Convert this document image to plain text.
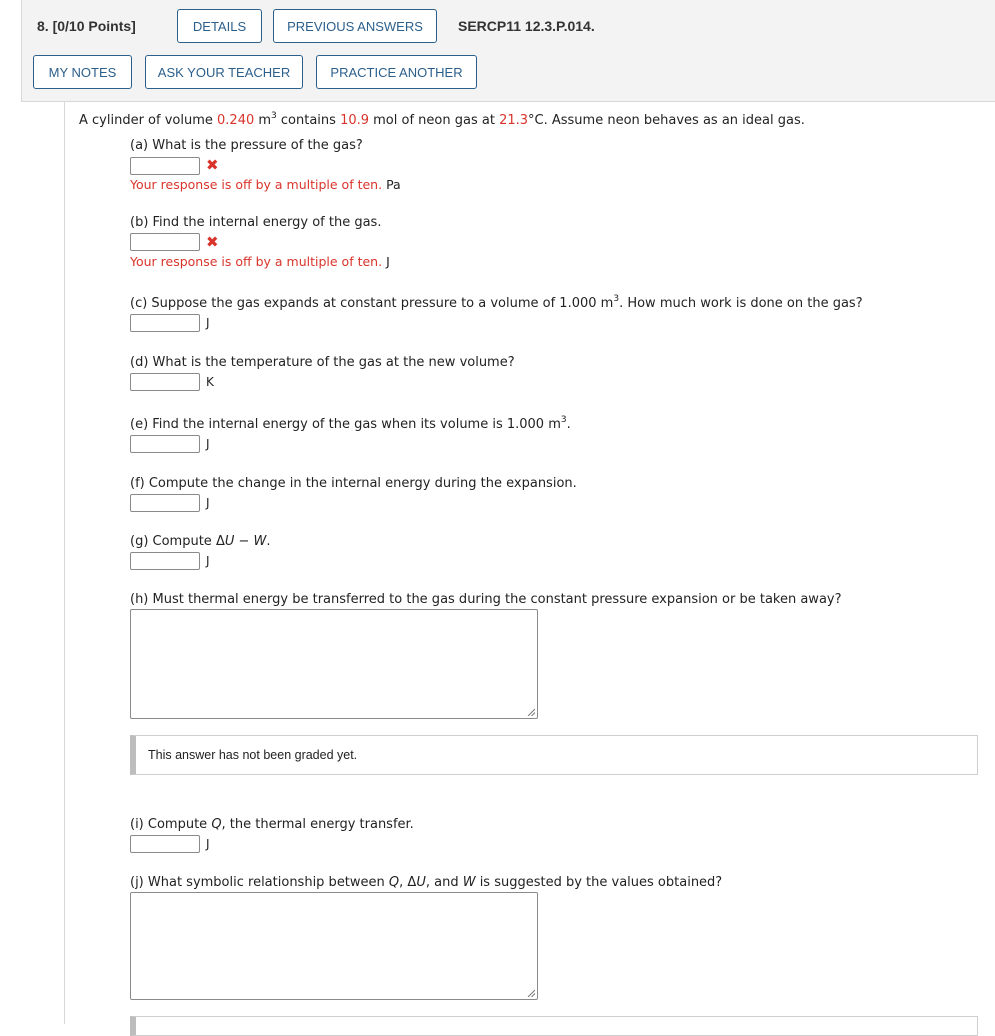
8. [0/10 Points]	DETAILS	PREVIOUS ANSWERS	SERCP11 12.3.P.014.
MY NOTES	ASK YOUR TEACHER	PRACTICE ANOTHER
A cylinder of volume 0.240 $m^3$ contains 10.9 mol of neon gas at 21.3°C. Assume neon behaves as an ideal gas.
(a) What is the pressure of the gas?
✖
Your response is off by a multiple of ten. Pa
(b) Find the internal energy of the gas.
✖
Your response is off by a multiple of ten. J
(c) Suppose the gas expands at constant pressure to a volume of 1.000 $m^3$. How much work is done on the gas?
J
(d) What is the temperature of the gas at the new volume?
K
(e) Find the internal energy of the gas when its volume is 1.000 $m^3$.
J
(f) Compute the change in the internal energy during the expansion.
J
(g) Compute ΔU − W.
J
(h) Must thermal energy be transferred to the gas during the constant pressure expansion or be taken away?
This answer has not been graded yet.
(i) Compute Q, the thermal energy transfer.
J
(j) What symbolic relationship between Q, ΔU, and W is suggested by the values obtained?
